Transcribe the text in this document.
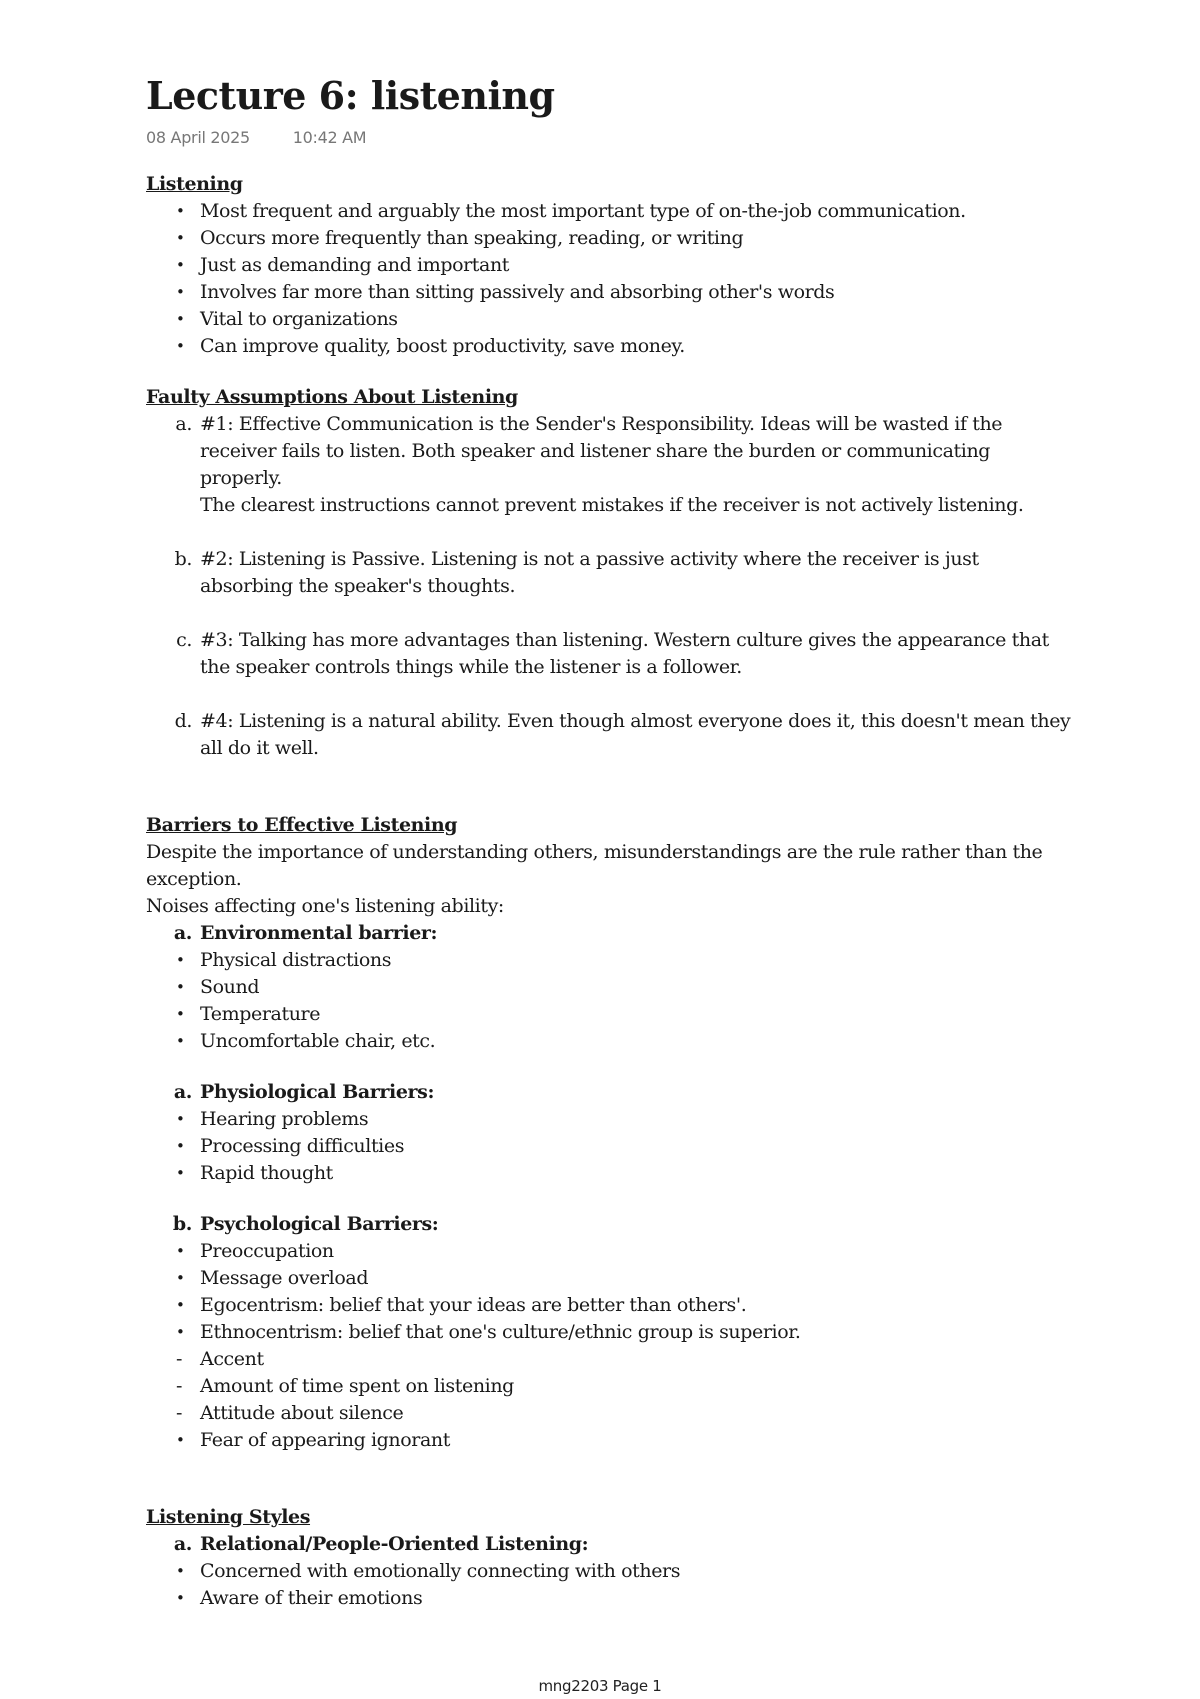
Lecture 6: listening
08 April 2025	10:42 AM
Listening
• Most frequent and arguably the most important type of on-the-job communication.
• Occurs more frequently than speaking, reading, or writing
• Just as demanding and important
• Involves far more than sitting passively and absorbing other's words
• Vital to organizations
• Can improve quality, boost productivity, save money.
Faulty Assumptions About Listening
a. #1: Effective Communication is the Sender's Responsibility. Ideas will be wasted if the receiver fails to listen. Both speaker and listener share the burden or communicating properly.
The clearest instructions cannot prevent mistakes if the receiver is not actively listening.
b. #2: Listening is Passive. Listening is not a passive activity where the receiver is just absorbing the speaker's thoughts.
c. #3: Talking has more advantages than listening. Western culture gives the appearance that the speaker controls things while the listener is a follower.
d. #4: Listening is a natural ability. Even though almost everyone does it, this doesn't mean they all do it well.
Barriers to Effective Listening

Despite the importance of understanding others, misunderstandings are the rule rather than the exception.

Noises affecting one's listening ability:

a. Environmental barrier:
• Physical distractions
• Sound
• Temperature
• Uncomfortable chair, etc.
a. Physiological Barriers:
• Hearing problems
• Processing difficulties
• Rapid thought
b. Psychological Barriers:
• Preoccupation
• Message overload
• Egocentrism: belief that your ideas are better than others'.
• Ethnocentrism: belief that one's culture/ethnic group is superior.
- Accent
- Amount of time spent on listening
- Attitude about silence
• Fear of appearing ignorant
Listening Styles
a. Relational/People-Oriented Listening:
• Concerned with emotionally connecting with others
• Aware of their emotions
mng2203 Page 1
